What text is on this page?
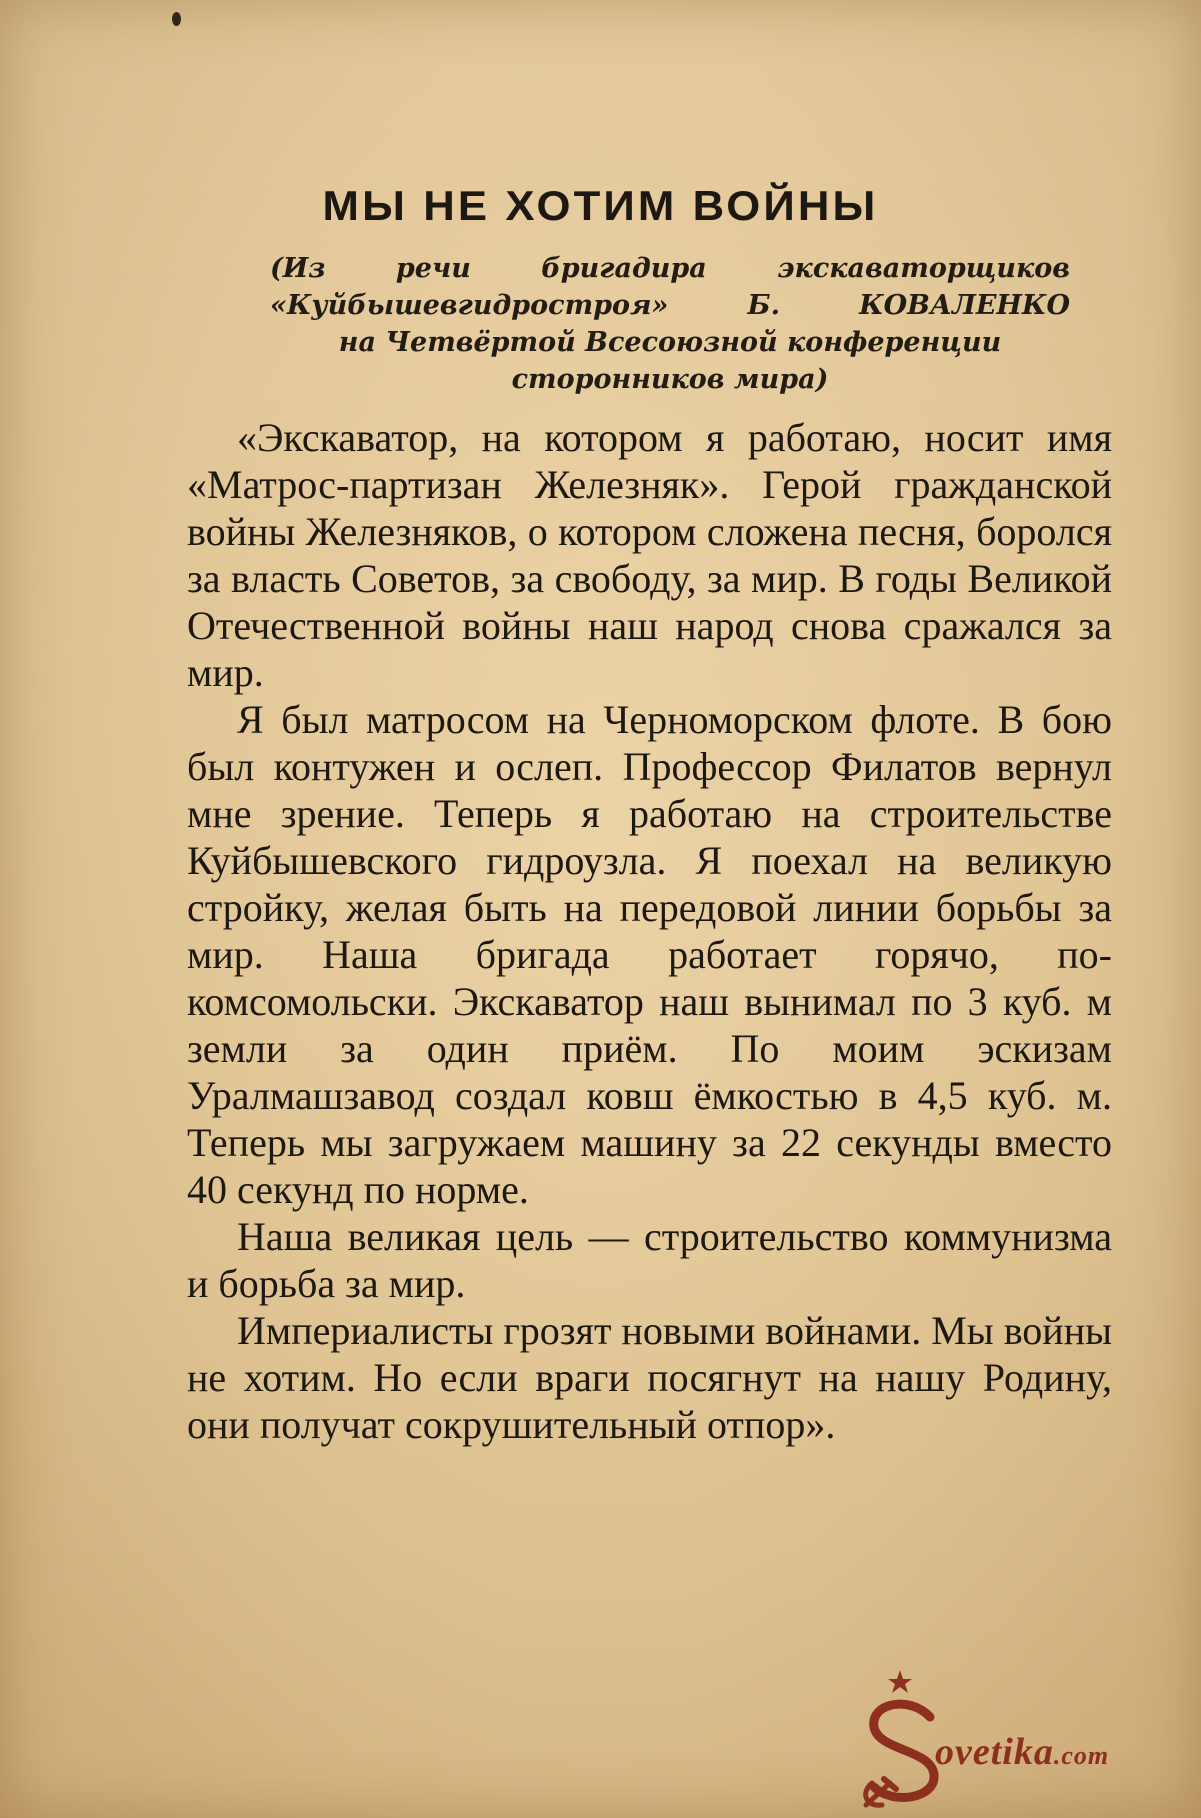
МЫ НЕ ХОТИМ ВОЙНЫ
(Из	речи	бригадира	экскаваторщиков
«Куйбышевгидростроя»	Б.	КОВАЛЕНКО
на Четвёртой Всесоюзной конференции
сторонников мира)

«Экскаватор, на котором я работаю, носит имя «Матрос-партизан Железняк». Герой гражданской войны Железняков, о котором сложена песня, боролся за власть Советов, за свободу, за мир. В годы Великой Отечественной войны наш народ снова сражался за мир.

Я был матросом на Черноморском флоте. В бою был контужен и ослеп. Профессор Филатов вернул мне зрение. Теперь я работаю на строительстве Куйбышевского гидроузла. Я поехал на великую стройку, желая быть на передовой линии борьбы за мир. Наша бригада работает горячо, по-комсомольски. Экскаватор наш вынимал по 3 куб. м земли за один приём. По моим эскизам Уралмашзавод создал ковш ёмкостью в 4,5 куб. м. Теперь мы загружаем машину за 22 секунды вместо 40 секунд по норме.

Наша великая цель — строительство коммунизма и борьба за мир.

Империалисты грозят новыми войнами. Мы войны не хотим. Но если враги посягнут на нашу Родину, они получат сокрушительный отпор».

ovetika.com
